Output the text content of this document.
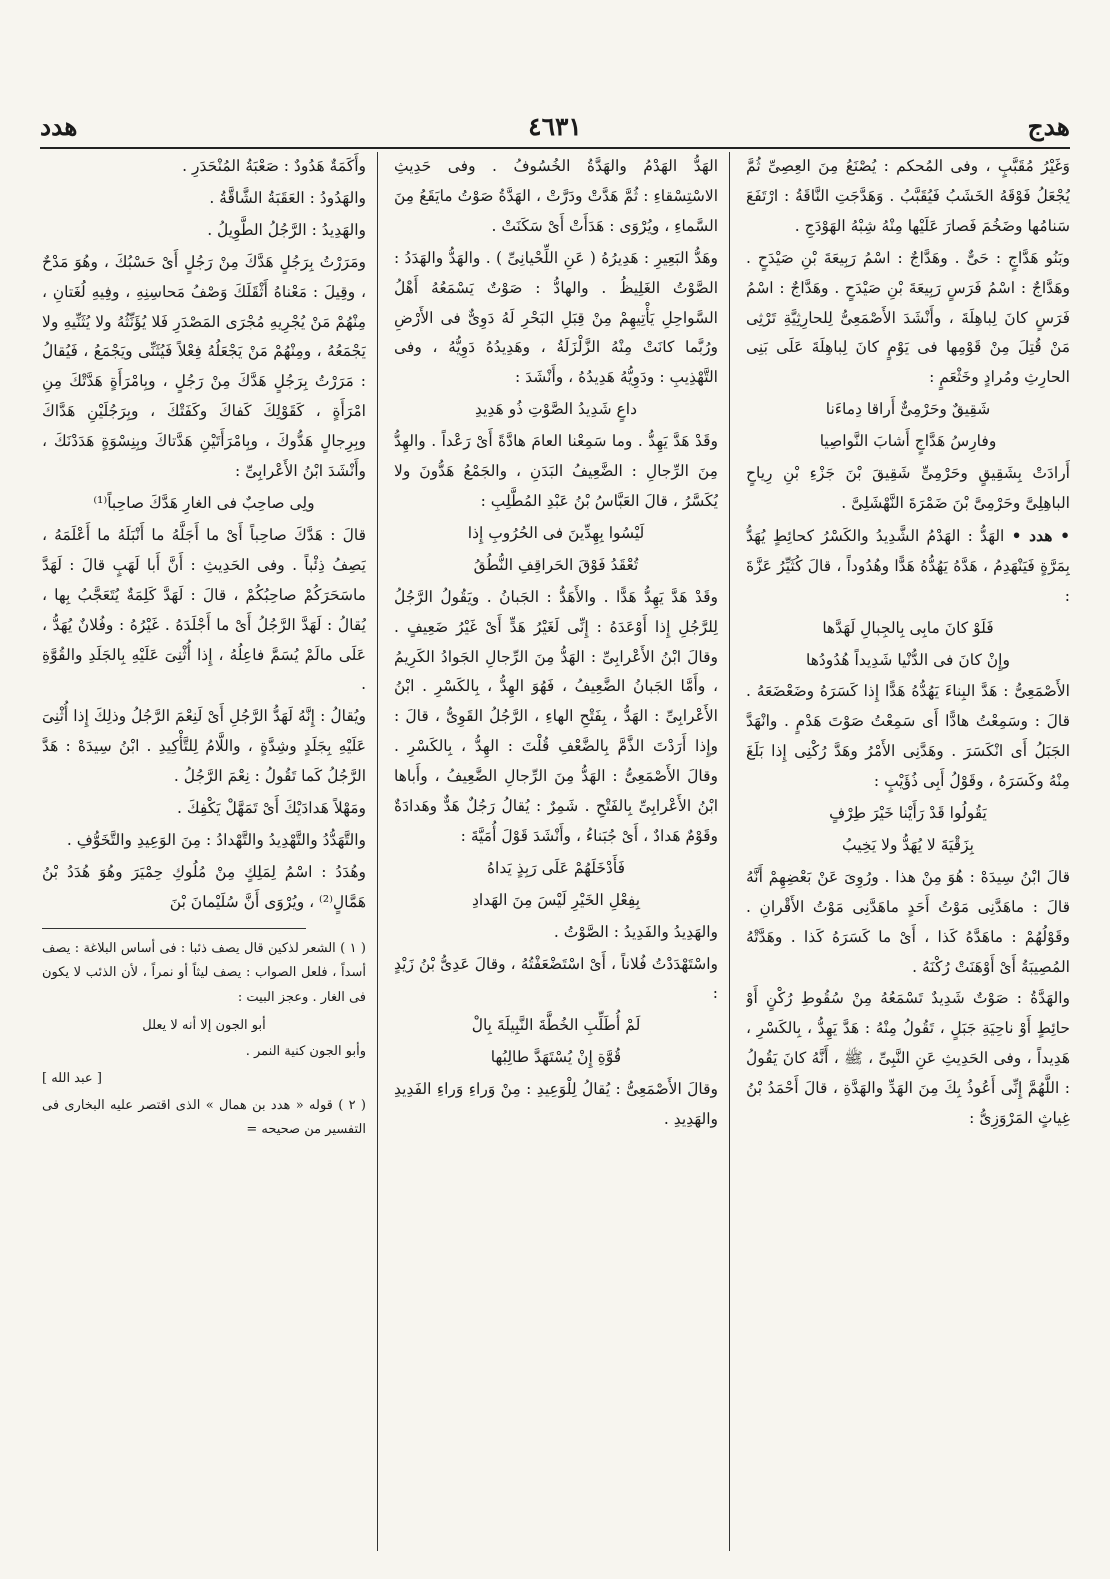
هدج
٤٦٣١
هدد

وَغَيْرُ مُقَبَّبٍ ، وفى المُحكم : يُصْنَعُ مِنَ العِصِىِّ ثُمَّ يُجْعَلُ فَوْقَهُ الخَشَبُ فَيُقَبَّبُ . وَهَدَّجَتِ النَّاقَةُ : ارْتَفَعَ سَنامُها وضَخُمَ فَصارَ عَلَيْها مِنْهُ شِبْهُ الهَوْدَجِ .

وبَنُو هَدَّاجٍ : حَىٌّ . وهَدَّاجٌ : اسْمُ رَبِيعَةَ بْنِ صَيْدَحٍ . وهَدَّاجٌ : اسْمُ فَرَسٍ رَبِيعَةَ بْنِ صَيْدَحٍ . وهَدَّاجٌ : اسْمُ فَرَسٍ كانَ لِباهِلَةَ ، وأَنْشَدَ الأَصْمَعِىُّ لِلحارِثِيَّةِ تَرْثِى مَنْ قُتِلَ مِنْ قَوْمِها فى يَوْمٍ كانَ لِباهِلَةَ عَلَى بَنِى الحارِثِ ومُرادٍ وخَثْعَمٍ :

شَقِيقٌ وحَرْمِىٌّ أَراقا دِماءَنا

وفارِسُ هَدَّاجٍ أَشابَ النَّواصِيا

أَرادَتْ بِشَقِيقٍ وحَرْمِىٍّ شَقِيقَ بْنَ جَزْءِ بْنِ رِياحٍ الباهِلِىَّ وحَرْمِىَّ بْنَ ضَمْرَةَ النَّهْشَلِىَّ .

• هدد • الهَدُّ : الهَدْمُ الشَّدِيدُ والكَسْرُ كحائِطٍ يُهَدُّ بِمَرَّةٍ فَيَنْهَدِمُ ، هَدَّهُ يَهُدُّهُ هَدًّا وهُدُوداً ، قالَ كُثَيِّرُ عَزَّةَ :

فَلَوْ كانَ مابِى بِالجِبالِ لَهَدَّها

وإِنْ كانَ فى الدُّنْيا شَدِيداً هُدُودُها

الأَصْمَعِىُّ : هَدَّ البِناءَ يَهُدُّهُ هَدًّا إِذا كَسَرَهُ وضَعْضَعَهُ . قالَ : وسَمِعْتُ هادًّا أَى سَمِعْتُ صَوْتَ هَدْمٍ . وانْهَدَّ الجَبَلُ أَى انْكَسَرَ . وهَدَّنِى الأَمْرُ وهَدَّ رُكْنِى إِذا بَلَغَ مِنْهُ وكَسَرَهُ ، وقَوْلُ أَبِى ذُؤَيْبٍ :

يَقُولُوا قَدْ رَأَيْنا خَيْرَ طِرْفٍ

بِزَقْيَةَ لا يُهَدُّ ولا يَخِيبُ

قالَ ابْنُ سِيدَهْ : هُوَ مِنْ هذا . ورُوِىَ عَنْ بَعْضِهِمْ أَنَّهُ قالَ : ماهَدَّنِى مَوْتُ أَحَدٍ ماهَدَّنِى مَوْتُ الأَقْرانِ . وقَوْلُهُمْ : ماهَدَّهُ كَذا ، أَىْ ما كَسَرَهُ كَذا . وهَدَّتْهُ المُصِيبَةُ أَىْ أَوْهَنَتْ رُكْنَهُ .

والهَدَّةُ : صَوْتٌ شَدِيدٌ تَسْمَعُهُ مِنْ سُقُوطِ رُكْنٍ أَوْ حائِطٍ أَوْ ناحِيَةِ جَبَلٍ ، تَقُولُ مِنْهُ : هَدَّ يَهِدُّ ، بِالكَسْرِ ، هَدِيداً ، وفى الحَدِيثِ عَنِ النَّبِىِّ ، ﷺ ، أَنَّهُ كانَ يَقُولُ : اللَّهُمَّ إِنِّى أَعُوذُ بِكَ مِنَ الهَدِّ والهَدَّةِ ، قالَ أَحْمَدُ بْنُ غِياثٍ المَرْوَزِىُّ :

الهَدُّ الهَدْمُ والهَدَّةُ الخُسُوفُ . وفى حَدِيثِ الاسْتِسْقاءِ : ثُمَّ هَدَّتْ ودَرَّتْ ، الهَدَّةُ صَوْتُ مايَقَعُ مِنَ السَّماءِ ، ويُرْوَى : هَدَأَتْ أَىْ سَكَنَتْ .

وهَدُّ البَعِيرِ : هَدِيرُهُ ( عَنِ اللِّحْيانِىِّ ) . والهَدُّ والهَدَدُ : الصَّوْتُ الغَلِيظُ . والهادُّ : صَوْتٌ يَسْمَعُهُ أَهْلُ السَّواحِلِ يَأْتِيهِمْ مِنْ قِبَلِ البَحْرِ لَهُ دَوِىٌّ فى الأَرْضِ ورُبَّما كانَتْ مِنْهُ الزَّلْزَلَةُ ، وهَدِيدُهُ دَوِيُّهُ ، وفى التَّهْذِيبِ : ودَوِيُّهُ هَدِيدُهُ ، وأَنْشَدَ :

داعٍ شَدِيدُ الصَّوْتِ ذُو هَدِيدِ

وقَدْ هَدَّ يَهِدُّ . وما سَمِعْنا العامَ هادَّةً أَىْ رَعْداً . والهِدُّ مِنَ الرِّجالِ : الضَّعِيفُ البَدَنِ ، والجَمْعُ هَدُّونَ ولا يُكَسَّرُ ، قالَ العَبَّاسُ بْنُ عَبْدِ المُطَّلِبِ :

لَيْسُوا بِهِدِّينَ فى الحُرُوبِ إِذا

تُعْقَدُ فَوْقَ الحَراقِفِ النُّطُقُ

وقَدْ هَدَّ يَهِدُّ هَدًّا . والأَهَدُّ : الجَبانُ . ويَقُولُ الرَّجُلُ لِلرَّجُلِ إِذا أَوْعَدَهُ : إِنِّى لَغَيْرُ هَدٍّ أَىْ غَيْرُ ضَعِيفٍ . وقالَ ابْنُ الأَعْرابِىِّ : الهَدُّ مِنَ الرِّجالِ الجَوادُ الكَرِيمُ ، وأَمَّا الجَبانُ الضَّعِيفُ ، فَهُوَ الهِدُّ ، بِالكَسْرِ . ابْنُ الأَعْرابِىِّ : الهَدُّ ، بِفَتْحِ الهاءِ ، الرَّجُلُ القَوِىُّ ، قالَ : وإِذا أَرَدْتَ الذَّمَّ بِالضَّعْفِ قُلْتَ : الهِدُّ ، بِالكَسْرِ . وقالَ الأَصْمَعِىُّ : الهَدُّ مِنَ الرِّجالِ الضَّعِيفُ ، وأَباها ابْنُ الأَعْرابِىِّ بِالفَتْحِ . شَمِرٌ : يُقالُ رَجُلٌ هَدٌّ وهَدادَةٌ وقَوْمٌ هَدادٌ ، أَىْ جُبَناءُ ، وأَنْشَدَ قَوْلَ أُمَيَّةَ :

فَأَدْخَلَهُمْ عَلَى رَبِذٍ يَداهُ

بِفِعْلِ الخَيْرِ لَيْسَ مِنَ الهَدادِ

والهَدِيدُ والفَدِيدُ : الصَّوْتُ .

واسْتَهْدَدْتُ فُلاناً ، أَىْ اسْتَضْعَفْتُهُ ، وقالَ عَدِىُّ بْنُ زَيْدٍ :

لَمْ أُطَلِّبِ الخُطَّةَ النَّبِيلَةَ بِالْ

قُوَّةِ إِنْ يُسْتَهَدَّ طالِبُها

وقالَ الأَصْمَعِىُّ : يُقالُ لِلْوَعِيدِ : مِنْ وَراءِ وَراءِ الفَدِيدِ والهَدِيدِ .

وأَكَمَةٌ هَدُودٌ : صَعْبَةُ المُنْحَدَرِ .

والهَدُودُ : العَقَبَةُ الشَّاقَّةُ .

والهَدِيدُ : الرَّجُلُ الطَّوِيلُ .

ومَرَرْتُ بِرَجُلٍ هَدَّكَ مِنْ رَجُلٍ أَىْ حَسْبُكَ ، وهُوَ مَدْحٌ ، وقِيلَ : مَعْناهُ أَثْقَلَكَ وَصْفُ مَحاسِنِهِ ، وفِيهِ لُغَتانِ ، مِنْهُمْ مَنْ يُجْرِيهِ مُجْرَى المَصْدَرِ فَلا يُؤَنِّثُهُ ولا يُثَنِّيهِ ولا يَجْمَعُهُ ، ومِنْهُمْ مَنْ يَجْعَلُهُ فِعْلاً فَيُثَنِّى ويَجْمَعُ ، فَيُقالُ : مَرَرْتُ بِرَجُلٍ هَدَّكَ مِنْ رَجُلٍ ، وبِامْرَأَةٍ هَدَّتْكَ مِنِ امْرَأَةٍ ، كَقَوْلِكَ كَفاكَ وكَفَتْكَ ، وبِرَجُلَيْنِ هَدَّاكَ وبِرِجالٍ هَدُّوكَ ، وبِامْرَأَتَيْنِ هَدَّتاكَ وبِنِسْوَةٍ هَدَدْنَكَ ، وأَنْشَدَ ابْنُ الأَعْرابِىِّ :

ولِى صاحِبٌ فى الغارِ هَدَّكَ صاحِباً⁽¹⁾

قالَ : هَدَّكَ صاحِباً أَىْ ما أَجَلَّهُ ما أَنْبَلَهُ ما أَعْلَمَهُ ، يَصِفُ ذِئْباً . وفى الحَدِيثِ : أَنَّ أَبا لَهَبٍ قالَ : لَهَدَّ ماسَحَرَكُمْ صاحِبُكُمْ ، قالَ : لَهَدَّ كَلِمَةٌ يُتَعَجَّبُ بِها ، يُقالُ : لَهَدَّ الرَّجُلُ أَىْ ما أَجْلَدَهُ . غَيْرُهُ : وفُلانٌ يُهَدُّ ، عَلَى مالَمْ يُسَمَّ فاعِلُهُ ، إِذا أُثْنِىَ عَلَيْهِ بِالجَلَدِ والقُوَّةِ .

ويُقالُ : إِنَّهُ لَهَدُّ الرَّجُلِ أَىْ لَنِعْمَ الرَّجُلُ وذلِكَ إِذا أُثْنِىَ عَلَيْهِ بِجَلَدٍ وشِدَّةٍ ، واللَّامُ لِلتَّأْكِيدِ . ابْنُ سِيدَهْ : هَدَّ الرَّجُلُ كَما تَقُولُ : نِعْمَ الرَّجُلُ .

ومَهْلاً هَدادَيْكَ أَىْ تَمَهَّلْ يَكْفِكَ .

والتَّهَدُّدُ والتَّهْدِيدُ والتَّهْدادُ : مِنَ الوَعِيدِ والتَّخَوُّفِ .

وهُدَدُ : اسْمُ لِمَلِكٍ مِنْ مُلُوكِ حِمْيَرَ وهُوَ هُدَدُ بْنُ هَمَّالٍ⁽²⁾ ، ويُرْوَى أَنَّ سُلَيْمانَ بْنَ

( ١ ) الشعر لذكين قال يصف ذئبا : فى أساس البلاغة : يصف أسداً ، فلعل الصواب : يصف ليثاً أو نمراً ، لأن الذئب لا يكون فى الغار . وعجز البيت :

أبو الجون إلا أنه لا يعلل

وأبو الجون كنية النمر .

[ عبد الله ]

( ٢ ) قوله « هدد بن همال » الذى اقتصر عليه البخارى فى التفسير من صحيحه =
